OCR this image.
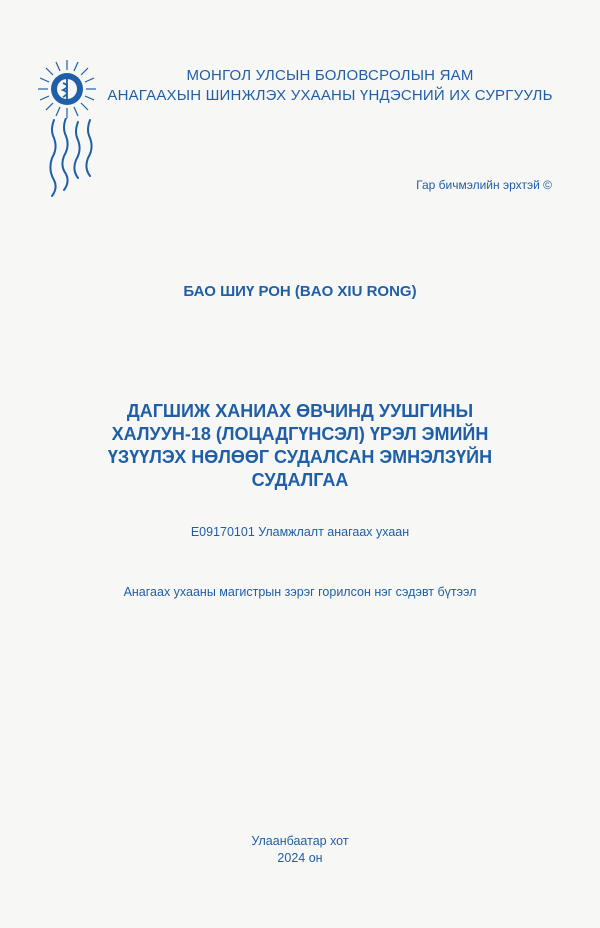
МОНГОЛ УЛСЫН БОЛОВСРОЛЫН ЯАМ
АНАГААХЫН ШИНЖЛЭХ УХААНЫ ҮНДЭСНИЙ ИХ СУРГУУЛЬ
Гар бичмэлийн эрхтэй ©
БАО ШИҮ РОН (BAO XIU RONG)
ДАГШИЖ ХАНИАХ ӨВЧИНД УУШГИНЫ
ХАЛУУН-18 (ЛОЦАДГҮНСЭЛ) ҮРЭЛ ЭМИЙН
ҮЗҮҮЛЭХ НӨЛӨӨГ СУДАЛСАН ЭМНЭЛЗҮЙН
СУДАЛГАА
Е09170101 Уламжлалт анагаах ухаан
Анагаах ухааны магистрын зэрэг горилсон нэг сэдэвт бүтээл
Улаанбаатар хот
2024 он
